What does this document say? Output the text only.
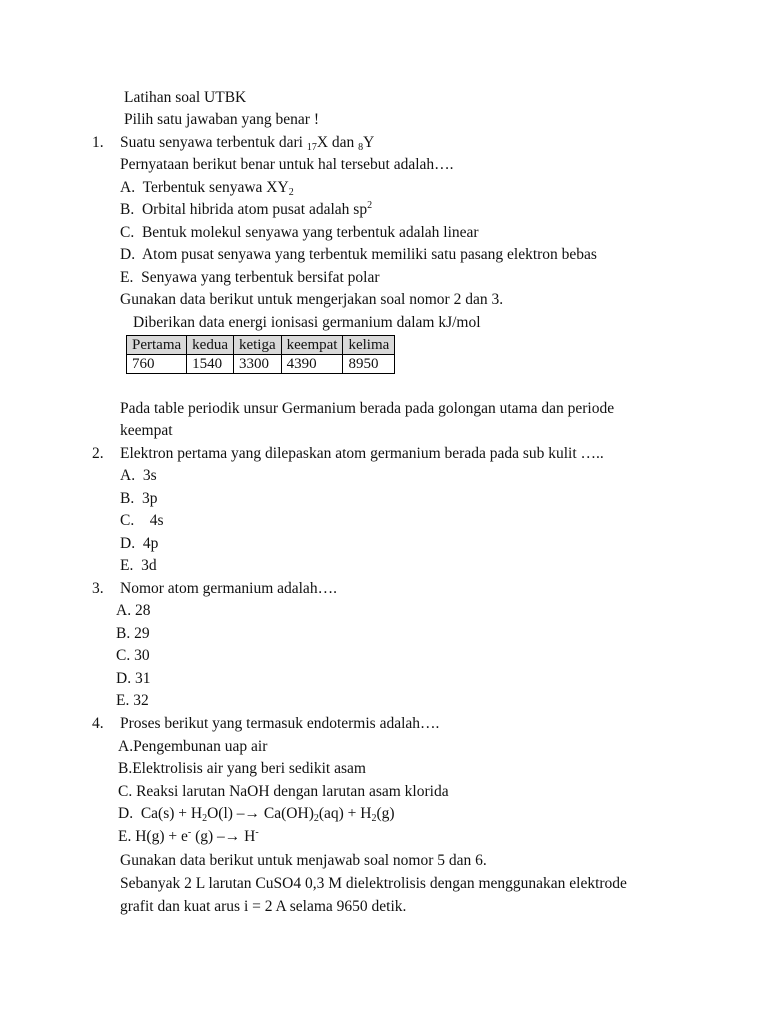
Latihan soal UTBK
Pilih satu jawaban yang benar !
1. Suatu senyawa terbentuk dari $_{17}$X dan $_8$Y
Pernyataan berikut benar untuk hal tersebut adalah….
A. Terbentuk senyawa $XY_2$
B. Orbital hibrida atom pusat adalah $sp^2$
C. Bentuk molekul senyawa yang terbentuk adalah linear
D. Atom pusat senyawa yang terbentuk memiliki satu pasang elektron bebas
E. Senyawa yang terbentuk bersifat polar
Gunakan data berikut untuk mengerjakan soal nomor 2 dan 3.
Diberikan data energi ionisasi germanium dalam kJ/mol
Pertama	kedua	ketiga	keempat	kelima
760	1540	3300	4390	8950
Pada table periodik unsur Germanium berada pada golongan utama dan periode
keempat
2. Elektron pertama yang dilepaskan atom germanium berada pada sub kulit …..
A. 3s
B. 3p
C. 4s
D. 4p
E. 3d
3. Nomor atom germanium adalah….
A. 28
B. 29
C. 30
D. 31
E. 32
4. Proses berikut yang termasuk endotermis adalah….
A.Pengembunan uap air
B.Elektrolisis air yang beri sedikit asam
C. Reaksi larutan NaOH dengan larutan asam klorida
D. $Ca(s) + H_2O(l) -\to Ca(OH)_2(aq) + H_2(g)$
E. H(g) + e- (g) –→ H-
Gunakan data berikut untuk menjawab soal nomor 5 dan 6.
Sebanyak 2 L larutan CuSO4 0,3 M dielektrolisis dengan menggunakan elektrode
grafit dan kuat arus i = 2 A selama 9650 detik.
